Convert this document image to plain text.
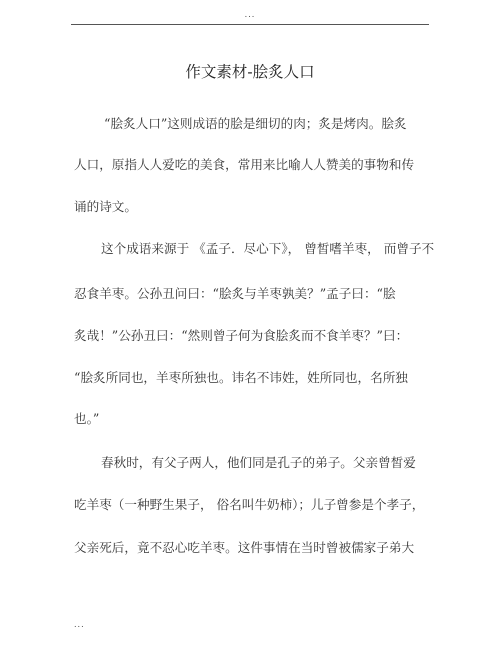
...
作文素材-脍炙人口
“脍炙人口”这则成语的脍是细切的肉；炙是烤肉。脍炙
人口，原指人人爱吃的美食，常用来比喻人人赞美的事物和传
诵的诗文。
这个成语来源于 《孟子．尽心下》， 曾皙嗜羊枣， 而曾子不
忍食羊枣。公孙丑问曰：“脍炙与羊枣孰美？”孟子曰：“脍
炙哉！”公孙丑曰：“然则曾子何为食脍炙而不食羊枣？”曰：
“脍炙所同也，羊枣所独也。讳名不讳姓，姓所同也，名所独
也。”
春秋时，有父子两人，他们同是孔子的弟子。父亲曾皙爱
吃羊枣（一种野生果子， 俗名叫牛奶柿）；儿子曾参是个孝子，
父亲死后，竟不忍心吃羊枣。这件事情在当时曾被儒家子弟大
...
